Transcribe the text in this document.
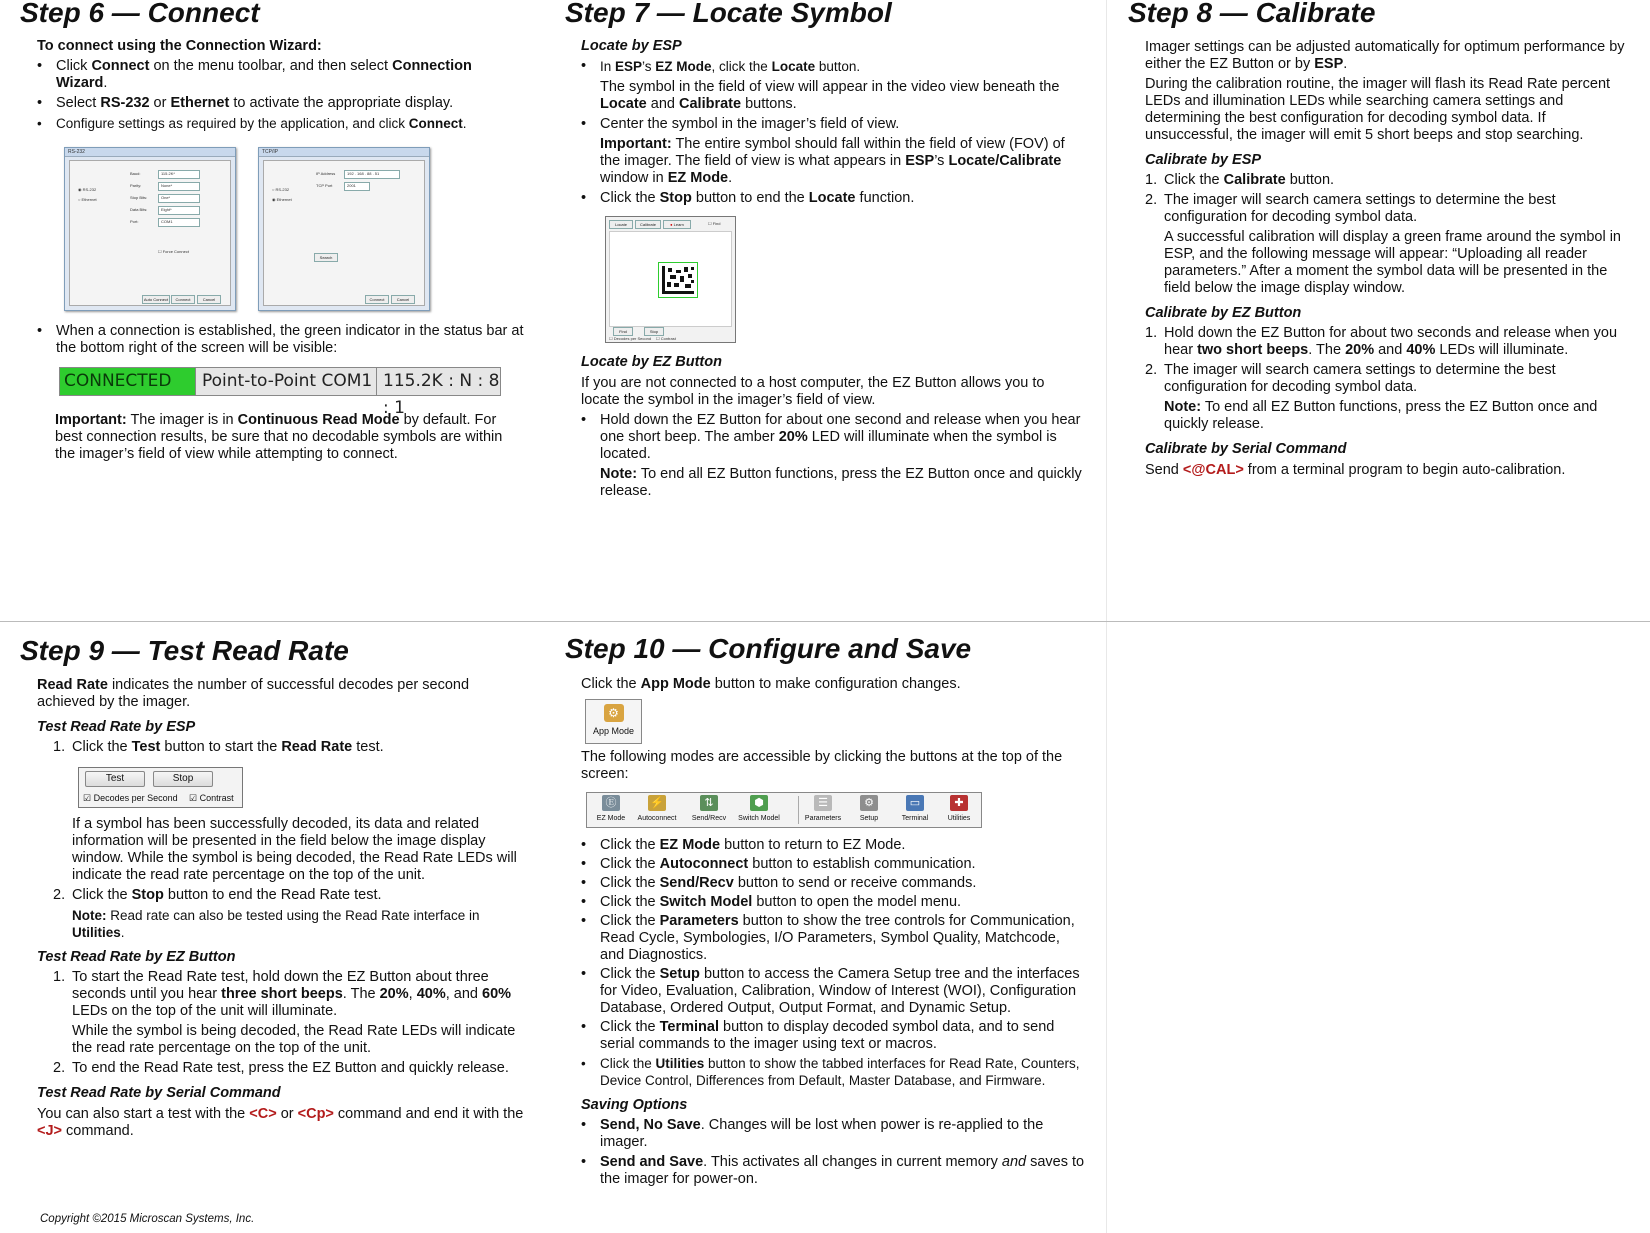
Step 6 — Connect

To connect using the Connection Wizard:

• Click Connect on the menu toolbar, and then select Connection Wizard.
• Select RS-232 or Ethernet to activate the appropriate display.
• Configure settings as required by the application, and click Connect.
RS-232
◉ RS-232
○ Ethernet
Baud:
Parity:
Stop Bits:
Data Bits:
Port:
115.2K*
None*
One*
Eight*
COM1
☐ Force Connect
Auto Connect	Connect	Cancel
TCP/IP
○ RS-232
◉ Ethernet
IP Address
TCP Port
192 . 168 . 88 . 51
2001
Search
Connect	Cancel
• When a connection is established, the green indicator in the status bar at the bottom right of the screen will be visible:
CONNECTED	Point-to-Point COM1 115.2K : N : 8 : 1

Important: The imager is in Continuous Read Mode by default. For best connection results, be sure that no decodable symbols are within the imager’s field of view while attempting to connect.

Step 7 — Locate Symbol

Locate by ESP

• In ESP’s EZ Mode, click the Locate button.

The symbol in the field of view will appear in the video view beneath the Locate and Calibrate buttons.

• Center the symbol in the imager’s field of view.

Important: The entire symbol should fall within the field of view (FOV) of the imager. The field of view is what appears in ESP’s Locate/Calibrate window in EZ Mode.

• Click the Stop button to end the Locate function.
Locate	Calibrate	● Learn	☐ Find
Find	Stop
☐ Decodes per Second ☐ Contrast

Locate by EZ Button

If you are not connected to a host computer, the EZ Button allows you to locate the symbol in the imager’s field of view.

• Hold down the EZ Button for about one second and release when you hear one short beep. The amber 20% LED will illuminate when the symbol is located.

Note: To end all EZ Button functions, press the EZ Button once and quickly release.

Step 8 — Calibrate

Imager settings can be adjusted automatically for optimum performance by either the EZ Button or by ESP.

During the calibration routine, the imager will flash its Read Rate percent LEDs and illumination LEDs while searching camera settings and determining the best configuration for decoding symbol data. If unsuccessful, the imager will emit 5 short beeps and stop searching.

Calibrate by ESP

1. Click the Calibrate button.
2. The imager will search camera settings to determine the best configuration for decoding symbol data.

A successful calibration will display a green frame around the symbol in ESP, and the following message will appear: “Uploading all reader parameters.” After a moment the symbol data will be presented in the field below the image display window.

Calibrate by EZ Button

1. Hold down the EZ Button for about two seconds and release when you hear two short beeps. The 20% and 40% LEDs will illuminate.
2. The imager will search camera settings to determine the best configuration for decoding symbol data.

Note: To end all EZ Button functions, press the EZ Button once and quickly release.

Calibrate by Serial Command

Send <@CAL> from a terminal program to begin auto-calibration.

Step 9 — Test Read Rate

Read Rate indicates the number of successful decodes per second achieved by the imager.

Test Read Rate by ESP

1. Click the Test button to start the Read Rate test.
Test	Stop
☑ Decodes per Second ☑ Contrast

If a symbol has been successfully decoded, its data and related information will be presented in the field below the image display window. While the symbol is being decoded, the Read Rate LEDs will indicate the read rate percentage on the top of the unit.

2. Click the Stop button to end the Read Rate test.

Note: Read rate can also be tested using the Read Rate interface in Utilities.

Test Read Rate by EZ Button

1. To start the Read Rate test, hold down the EZ Button about three seconds until you hear three short beeps. The 20%, 40%, and 60% LEDs on the top of the unit will illuminate.

While the symbol is being decoded, the Read Rate LEDs will indicate the read rate percentage on the top of the unit.

2. To end the Read Rate test, press the EZ Button and quickly release.

Test Read Rate by Serial Command

You can also start a test with the <C> or <Cp> command and end it with the <J> command.

Step 10 — Configure and Save

Click the App Mode button to make configuration changes.

⚙
App Mode

The following modes are accessible by clicking the buttons at the top of the screen:

Ⓔ
EZ Mode
⚡
Autoconnect
⇅
Send/Recv
⬢
Switch Model
☰
Parameters
⚙
Setup
▭
Terminal
✚
Utilities
• Click the EZ Mode button to return to EZ Mode.
• Click the Autoconnect button to establish communication.
• Click the Send/Recv button to send or receive commands.
• Click the Switch Model button to open the model menu.
• Click the Parameters button to show the tree controls for Communication, Read Cycle, Symbologies, I/O Parameters, Symbol Quality, Matchcode, and Diagnostics.
• Click the Setup button to access the Camera Setup tree and the interfaces for Video, Evaluation, Calibration, Window of Interest (WOI), Configuration Database, Ordered Output, Output Format, and Dynamic Setup.
• Click the Terminal button to display decoded symbol data, and to send serial commands to the imager using text or macros.
• Click the Utilities button to show the tabbed interfaces for Read Rate, Counters, Device Control, Differences from Default, Master Database, and Firmware.

Saving Options

• Send, No Save. Changes will be lost when power is re-applied to the imager.
• Send and Save. This activates all changes in current memory and saves to the imager for power-on.
Copyright ©2015 Microscan Systems, Inc.
